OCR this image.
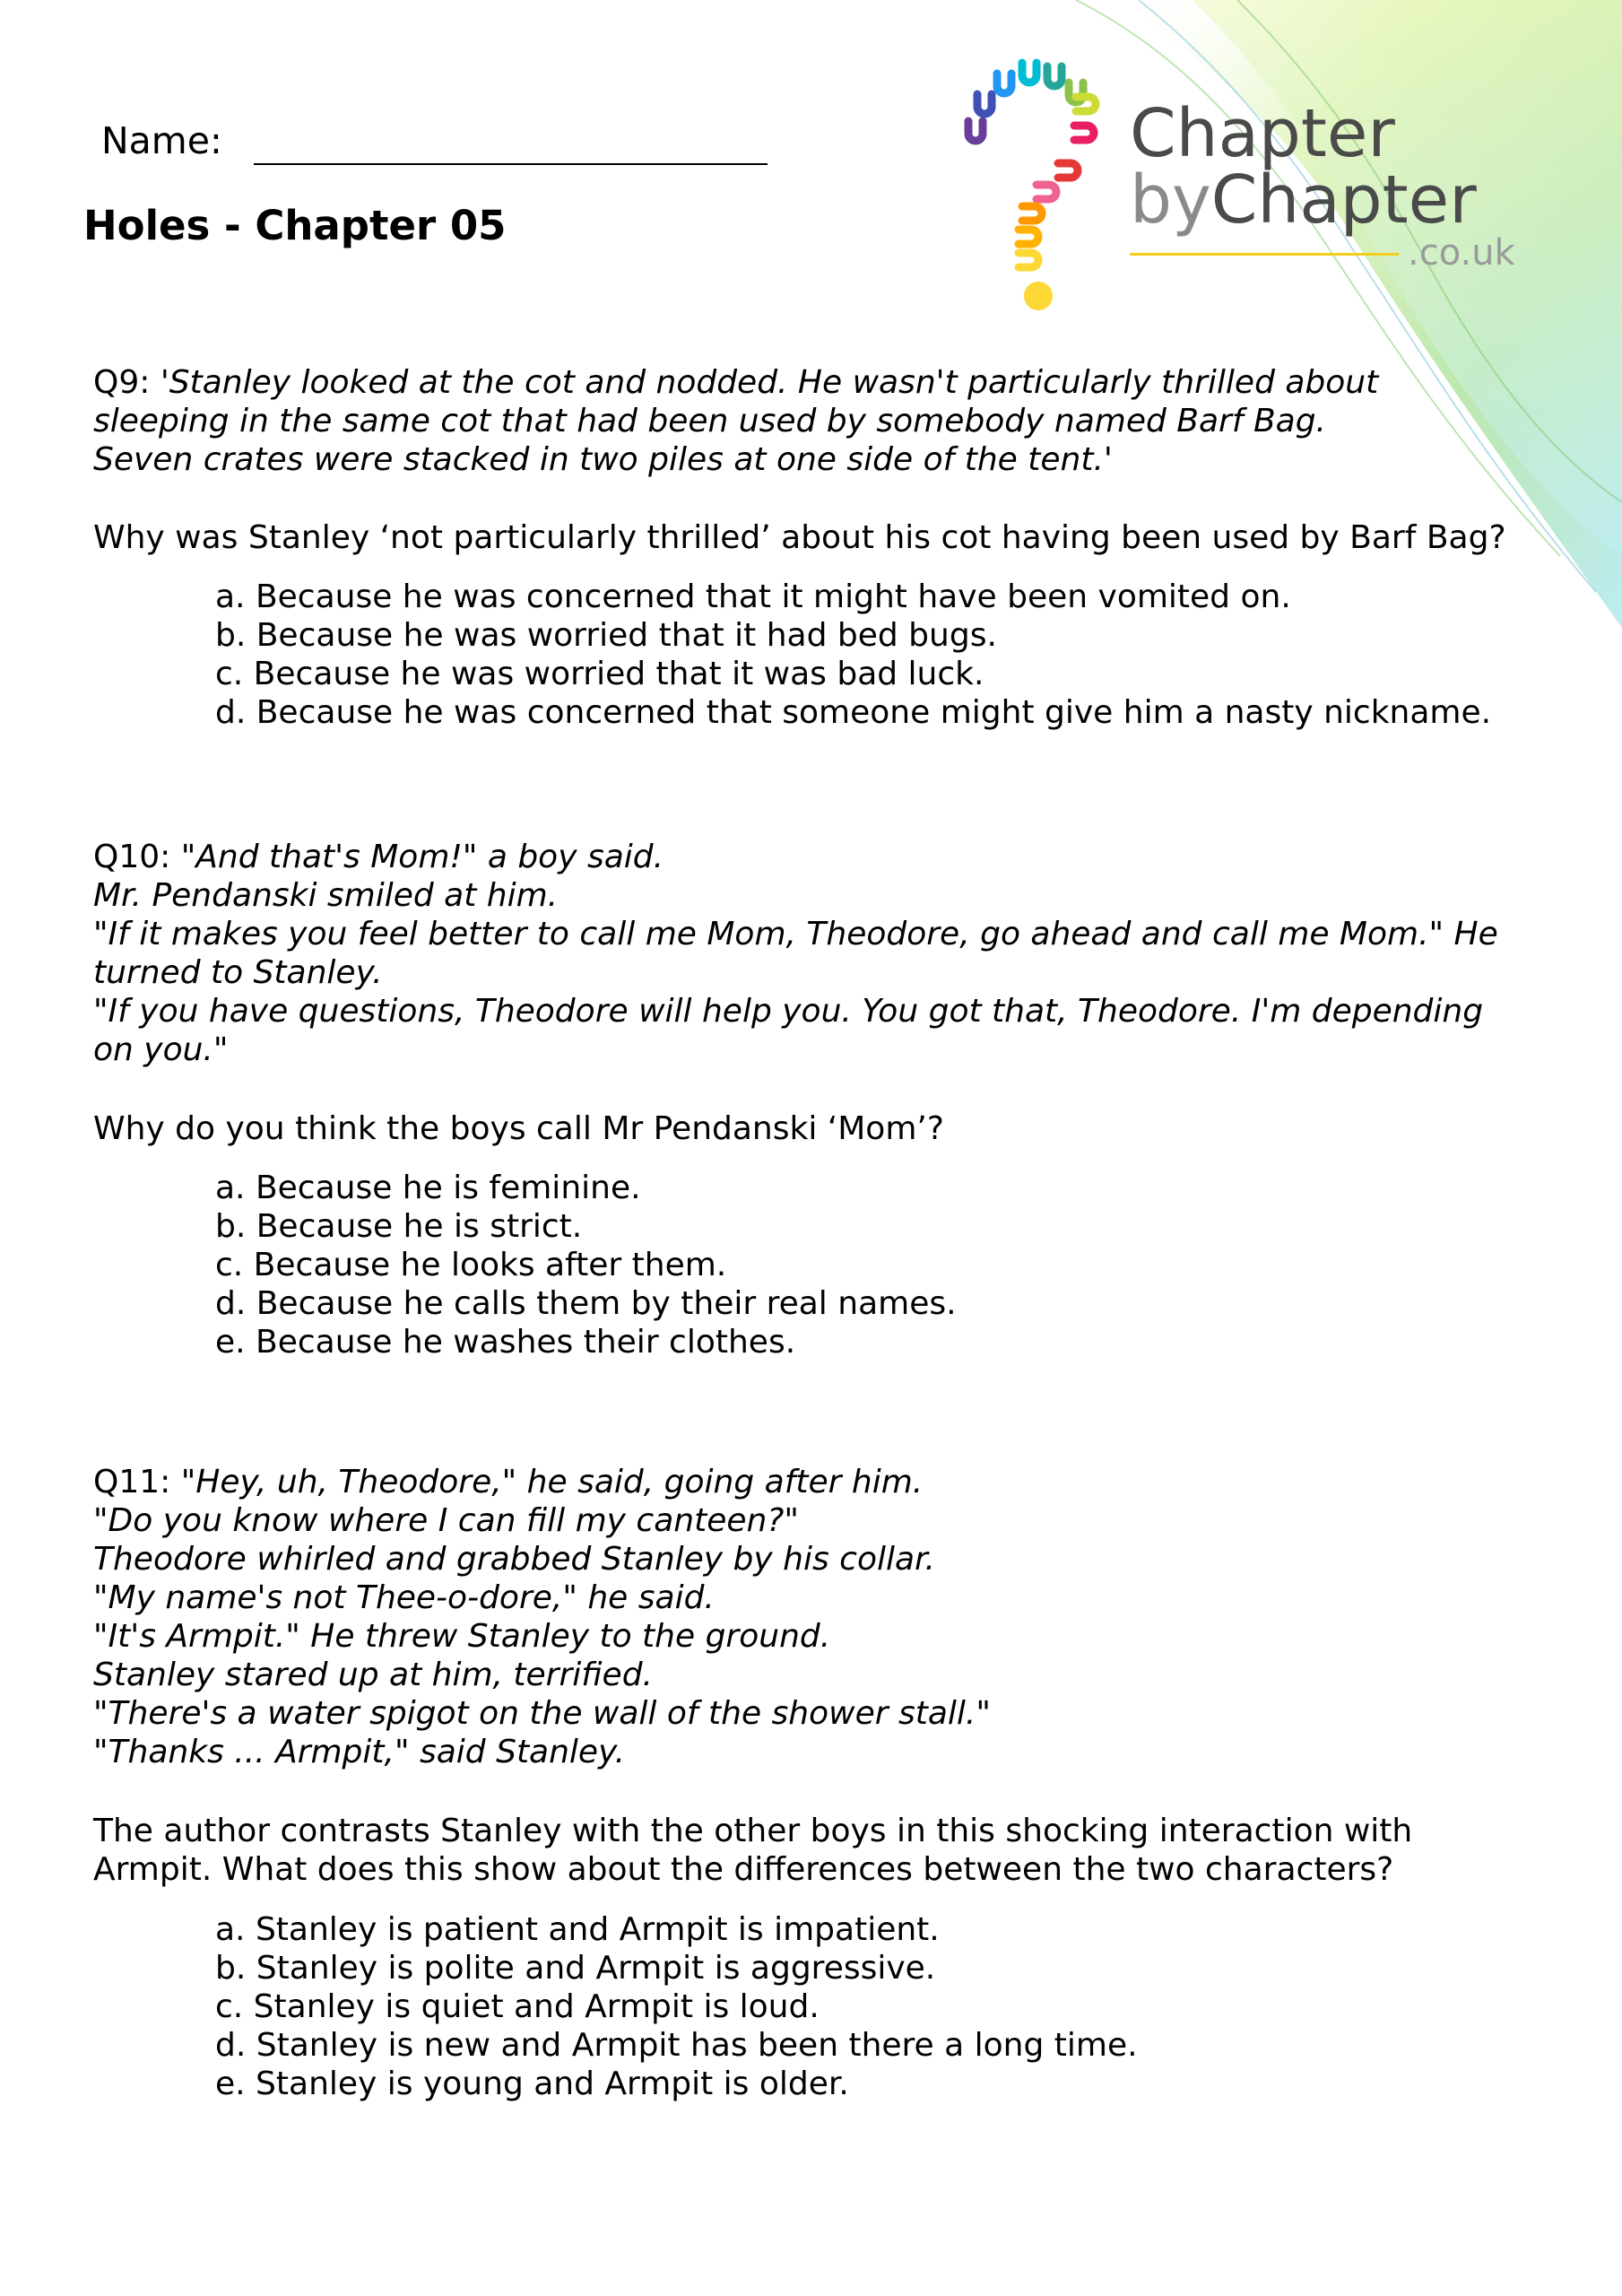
Chapter
byChapter
.co.uk
Name:
Holes - Chapter 05
Q9: 'Stanley looked at the cot and nodded. He wasn't particularly thrilled about
sleeping in the same cot that had been used by somebody named Barf Bag.
Seven crates were stacked in two piles at one side of the tent.'
Why was Stanley ‘not particularly thrilled’ about his cot having been used by Barf Bag?
a. Because he was concerned that it might have been vomited on.
b. Because he was worried that it had bed bugs.
c. Because he was worried that it was bad luck.
d. Because he was concerned that someone might give him a nasty nickname.
Q10: "And that's Mom!" a boy said.
Mr. Pendanski smiled at him.
"If it makes you feel better to call me Mom, Theodore, go ahead and call me Mom." He
turned to Stanley.
"If you have questions, Theodore will help you. You got that, Theodore. I'm depending
on you."
Why do you think the boys call Mr Pendanski ‘Mom’?
a. Because he is feminine.
b. Because he is strict.
c. Because he looks after them.
d. Because he calls them by their real names.
e. Because he washes their clothes.
Q11: "Hey, uh, Theodore," he said, going after him.
"Do you know where I can fill my canteen?"
Theodore whirled and grabbed Stanley by his collar.
"My name's not Thee-o-dore," he said.
"It's Armpit." He threw Stanley to the ground.
Stanley stared up at him, terrified.
"There's a water spigot on the wall of the shower stall."
"Thanks ... Armpit," said Stanley.
The author contrasts Stanley with the other boys in this shocking interaction with
Armpit. What does this show about the differences between the two characters?
a. Stanley is patient and Armpit is impatient.
b. Stanley is polite and Armpit is aggressive.
c. Stanley is quiet and Armpit is loud.
d. Stanley is new and Armpit has been there a long time.
e. Stanley is young and Armpit is older.
